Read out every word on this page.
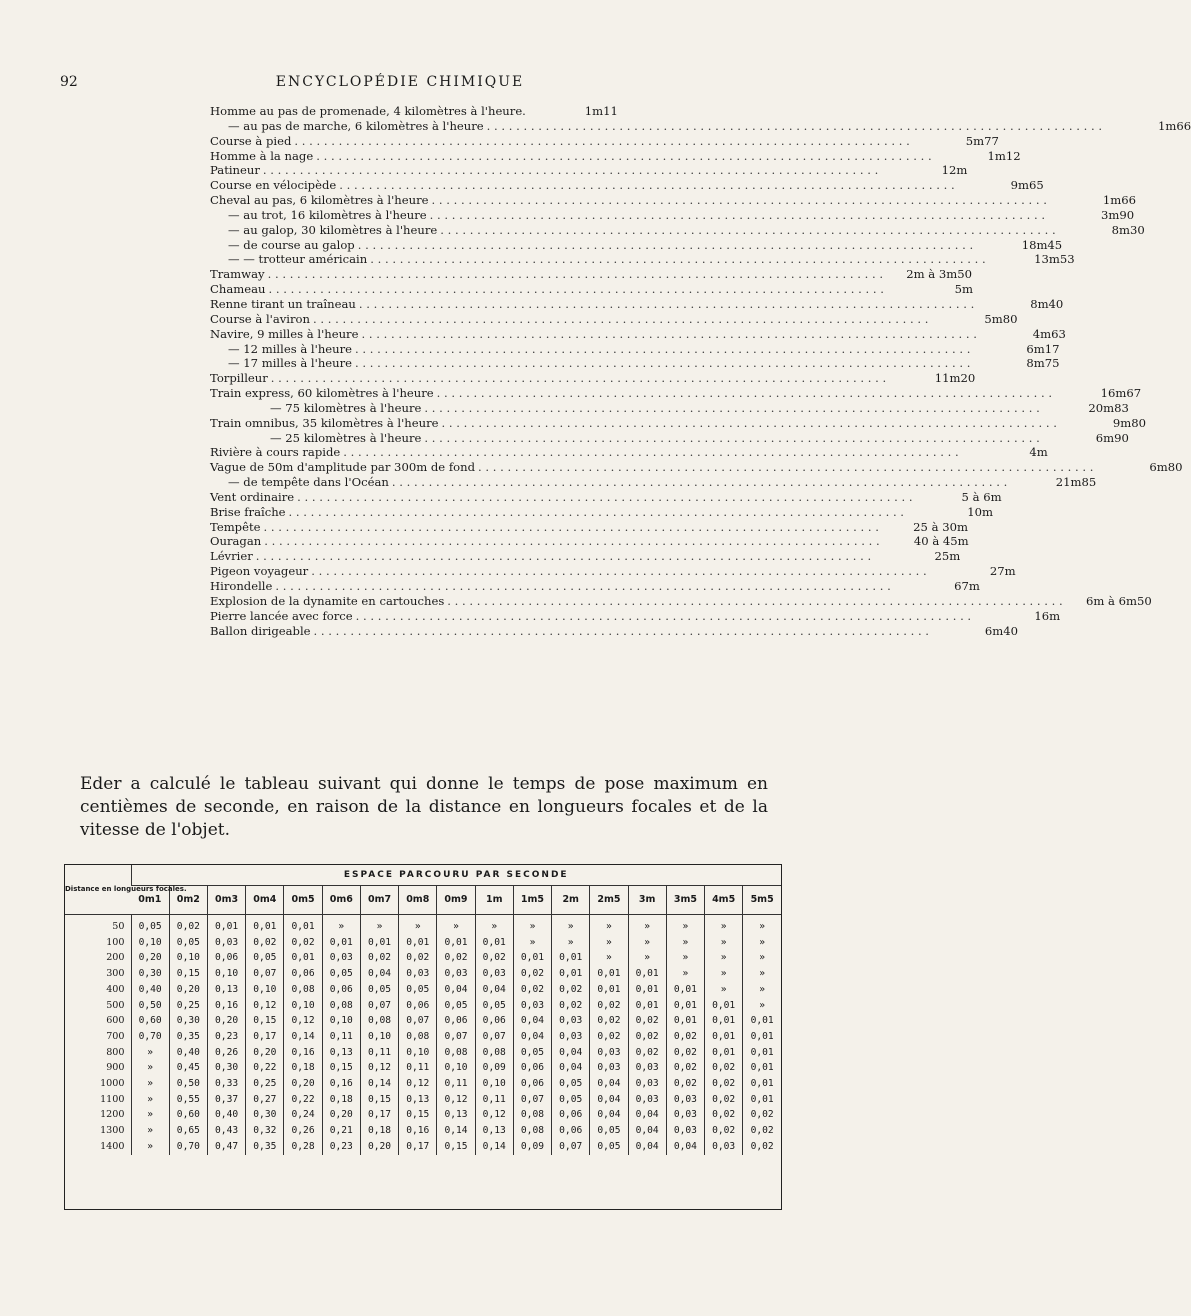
92	ENCYCLOPÉDIE CHIMIQUE
Homme au pas de promenade, 4 kilomètres à l'heure.	1m11
— au pas de marche, 6 kilomètres à l'heure . . .	1m66
Course à pied . . .	5m77
Homme à la nage . . .	1m12
Patineur . . .	12m
Course en vélocipède . . .	9m65
Cheval au pas, 6 kilomètres à l'heure . . .	1m66
— au trot, 16 kilomètres à l'heure . . .	3m90
— au galop, 30 kilomètres à l'heure . . .	8m30
— de course au galop . . .	18m45
— — trotteur américain . . .	13m53
Tramway . . .	2m à 3m50
Chameau . . .	5m
Renne tirant un traîneau . . .	8m40
Course à l'aviron . . .	5m80
Navire, 9 milles à l'heure . . .	4m63
— 12 milles à l'heure . . .	6m17
— 17 milles à l'heure . . .	8m75
Torpilleur . . .	11m20
Train express, 60 kilomètres à l'heure . . .	16m67
— 75 kilomètres à l'heure . . .	20m83
Train omnibus, 35 kilomètres à l'heure . . .	9m80
— 25 kilomètres à l'heure . . .	6m90
Rivière à cours rapide . . .	4m
Vague de 50m d'amplitude par 300m de fond . . .	6m80
— de tempête dans l'Océan . . .	21m85
Vent ordinaire . . .	5 à 6m
Brise fraîche . . .	10m
Tempête . . .	25 à 30m
Ouragan . . .	40 à 45m
Lévrier . . .	25m
Pigeon voyageur . . .	27m
Hirondelle . . .	67m
Explosion de la dynamite en cartouches . . .	6m à 6m50
Pierre lancée avec force . . .	16m
Ballon dirigeable . . .	6m40

Eder a calculé le tableau suivant qui donne le temps de pose maximum en centièmes de seconde, en raison de la distance en longueurs focales et de la vitesse de l'objet.

Distance en longueurs focales.	ESPACE PARCOURU PAR SECONDE																
	0m1	0m2	0m3	0m4	0m5	0m6	0m7	0m8	0m9	1m	1m5	2m	2m5	3m	3m5	4m5	5m5
50	0,05	0,02	0,01	0,01	0,01	»	»	»	»	»	»	»	»	»	»	»	»
100	0,10	0,05	0,03	0,02	0,02	0,01	0,01	0,01	0,01	0,01	»	»	»	»	»	»	»
200	0,20	0,10	0,06	0,05	0,01	0,03	0,02	0,02	0,02	0,02	0,01	0,01	»	»	»	»	»
300	0,30	0,15	0,10	0,07	0,06	0,05	0,04	0,03	0,03	0,03	0,02	0,01	0,01	0,01	»	»	»
400	0,40	0,20	0,13	0,10	0,08	0,06	0,05	0,05	0,04	0,04	0,02	0,02	0,01	0,01	0,01	»	»
500	0,50	0,25	0,16	0,12	0,10	0,08	0,07	0,06	0,05	0,05	0,03	0,02	0,02	0,01	0,01	0,01	»
600	0,60	0,30	0,20	0,15	0,12	0,10	0,08	0,07	0,06	0,06	0,04	0,03	0,02	0,02	0,01	0,01	0,01
700	0,70	0,35	0,23	0,17	0,14	0,11	0,10	0,08	0,07	0,07	0,04	0,03	0,02	0,02	0,02	0,01	0,01
800	»	0,40	0,26	0,20	0,16	0,13	0,11	0,10	0,08	0,08	0,05	0,04	0,03	0,02	0,02	0,01	0,01
900	»	0,45	0,30	0,22	0,18	0,15	0,12	0,11	0,10	0,09	0,06	0,04	0,03	0,03	0,02	0,02	0,01
1000	»	0,50	0,33	0,25	0,20	0,16	0,14	0,12	0,11	0,10	0,06	0,05	0,04	0,03	0,02	0,02	0,01
1100	»	0,55	0,37	0,27	0,22	0,18	0,15	0,13	0,12	0,11	0,07	0,05	0,04	0,03	0,03	0,02	0,01
1200	»	0,60	0,40	0,30	0,24	0,20	0,17	0,15	0,13	0,12	0,08	0,06	0,04	0,04	0,03	0,02	0,02
1300	»	0,65	0,43	0,32	0,26	0,21	0,18	0,16	0,14	0,13	0,08	0,06	0,05	0,04	0,03	0,02	0,02
1400	»	0,70	0,47	0,35	0,28	0,23	0,20	0,17	0,15	0,14	0,09	0,07	0,05	0,04	0,04	0,03	0,02
